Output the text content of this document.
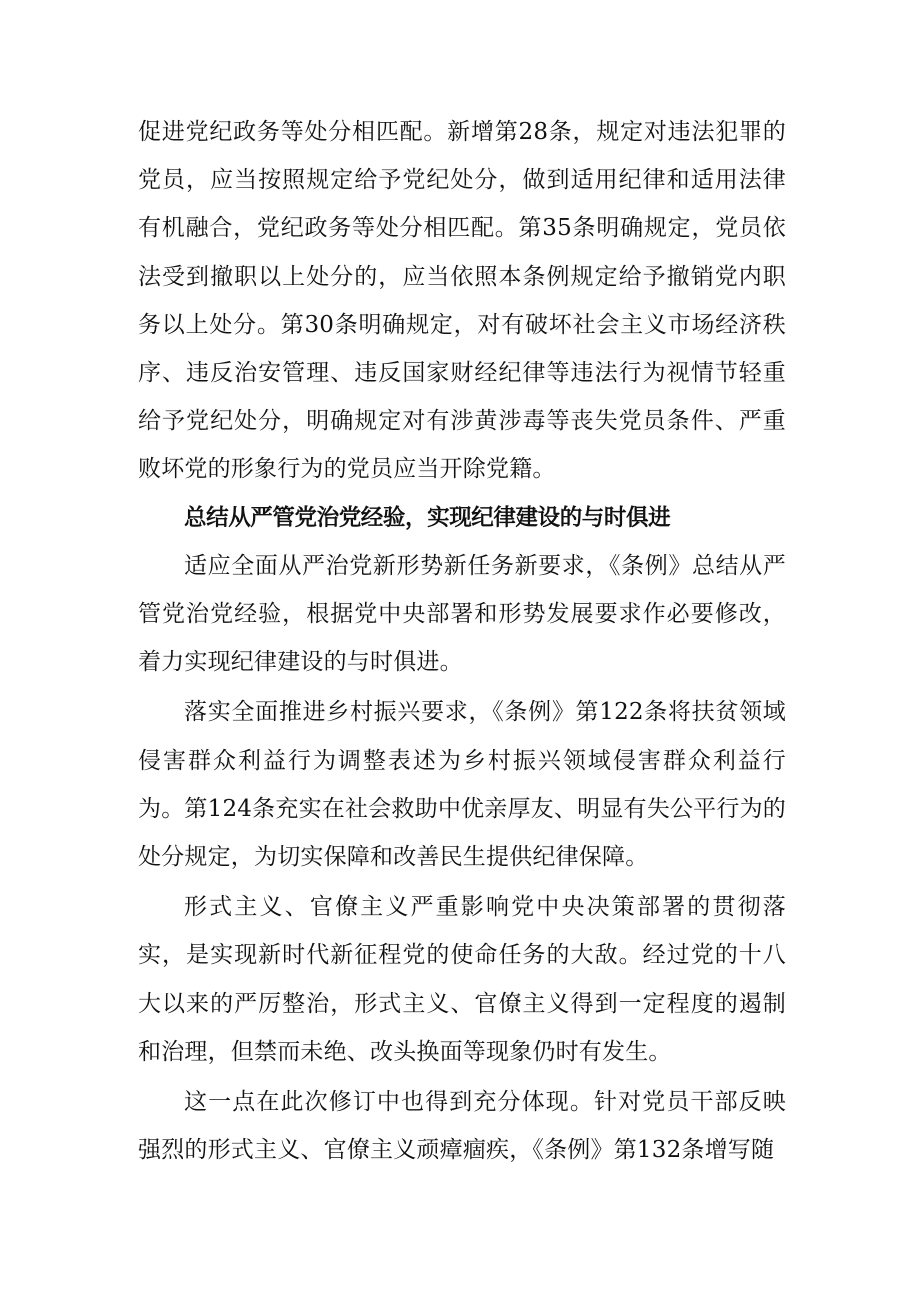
促进党纪政务等处分相匹配。新增第28条，规定对违法犯罪的党员，应当按照规定给予党纪处分，做到适用纪律和适用法律有机融合，党纪政务等处分相匹配。第35条明确规定，党员依法受到撤职以上处分的，应当依照本条例规定给予撤销党内职务以上处分。第30条明确规定，对有破坏社会主义市场经济秩序、违反治安管理、违反国家财经纪律等违法行为视情节轻重给予党纪处分，明确规定对有涉黄涉毒等丧失党员条件、严重败坏党的形象行为的党员应当开除党籍。

总结从严管党治党经验，实现纪律建设的与时俱进

适应全面从严治党新形势新任务新要求，《条例》总结从严管党治党经验，根据党中央部署和形势发展要求作必要修改，着力实现纪律建设的与时俱进。

落实全面推进乡村振兴要求，《条例》第122条将扶贫领域侵害群众利益行为调整表述为乡村振兴领域侵害群众利益行为。第124条充实在社会救助中优亲厚友、明显有失公平行为的处分规定，为切实保障和改善民生提供纪律保障。

形式主义、官僚主义严重影响党中央决策部署的贯彻落实，是实现新时代新征程党的使命任务的大敌。经过党的十八大以来的严厉整治，形式主义、官僚主义得到一定程度的遏制和治理，但禁而未绝、改头换面等现象仍时有发生。

这一点在此次修订中也得到充分体现。针对党员干部反映强烈的形式主义、官僚主义顽瘴痼疾，《条例》第132条增写随
